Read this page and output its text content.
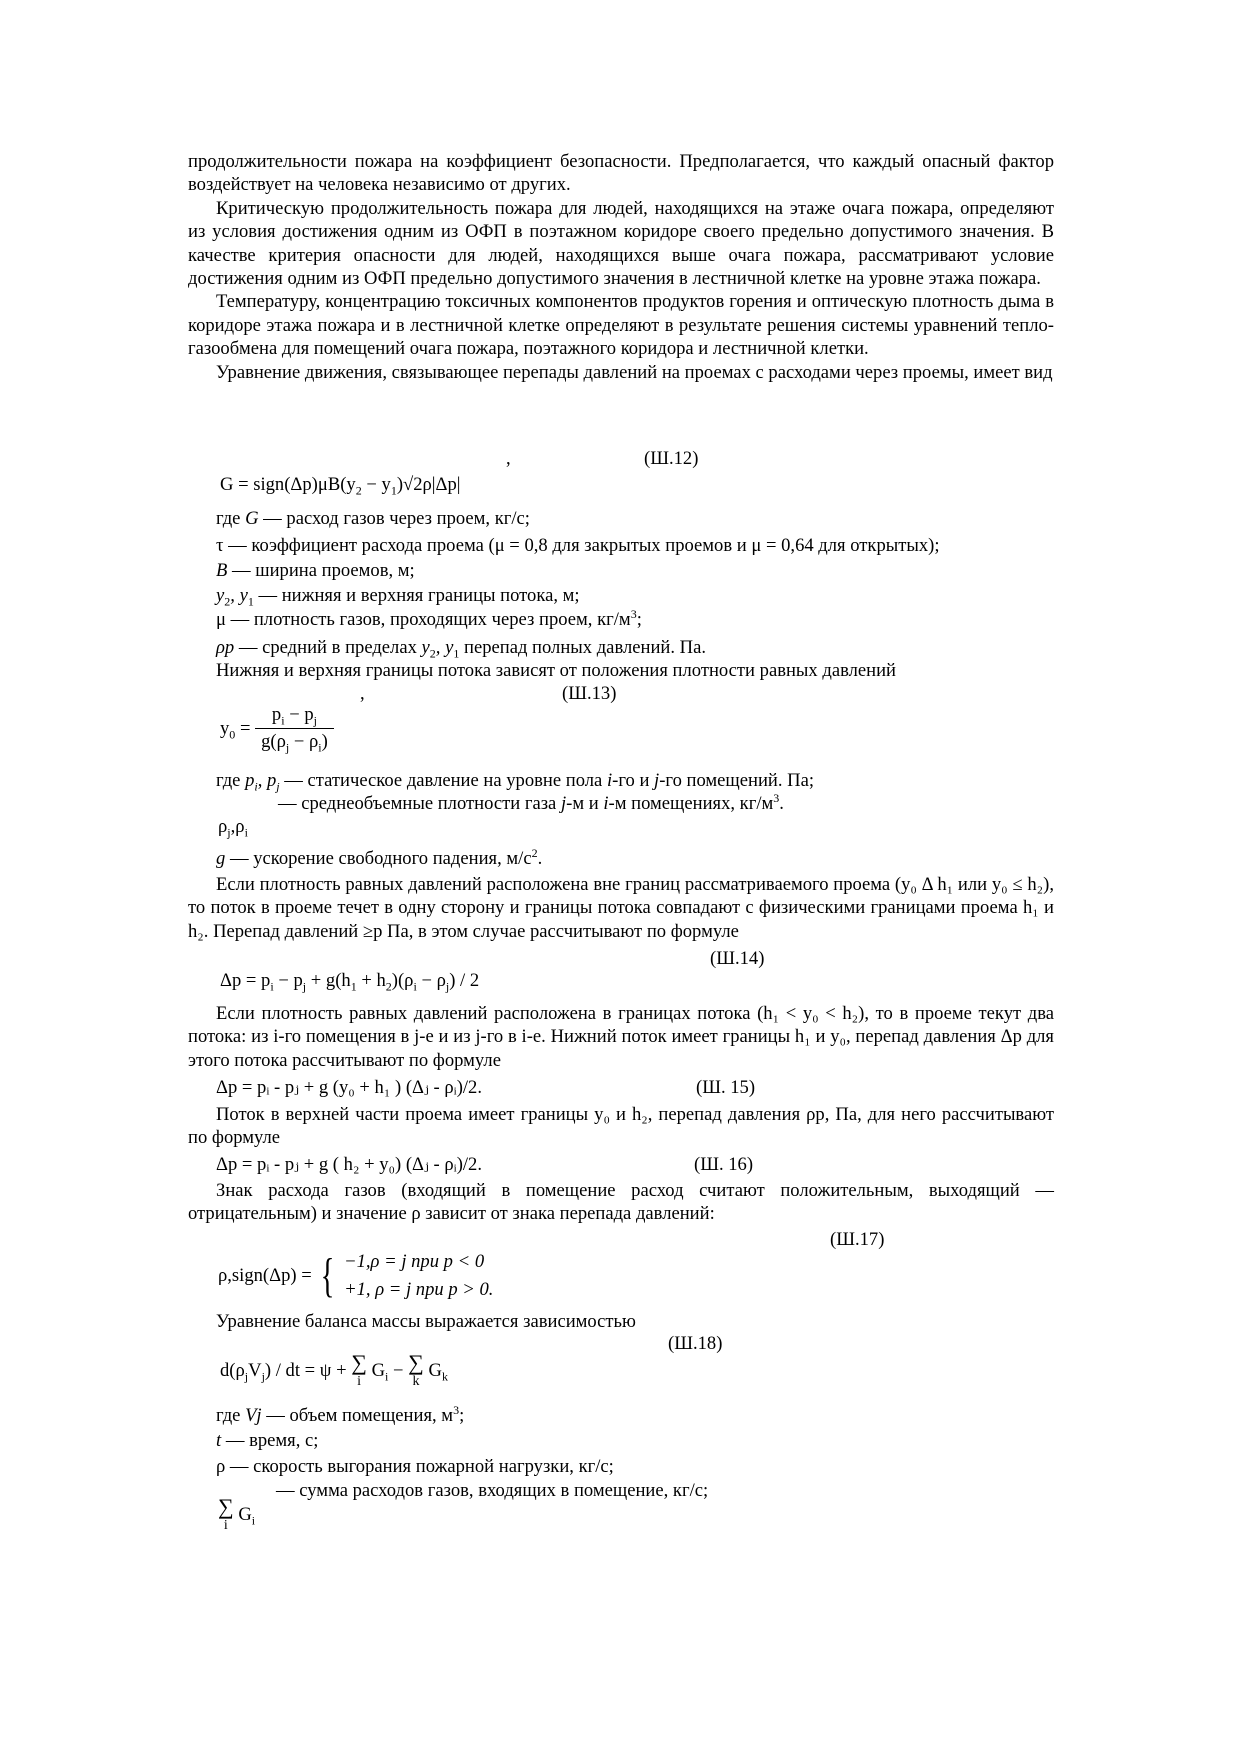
продолжительности пожара на коэффициент безопасности. Предполагается, что каждый опасный фактор воздействует на человека независимо от других.

Критическую продолжительность пожара для людей, находящихся на этаже очага пожара, определяют из условия достижения одним из ОФП в поэтажном коридоре своего предельно допустимого значения. В качестве критерия опасности для людей, находящихся выше очага пожара, рассматривают условие достижения одним из ОФП предельно допустимого значения в лестничной клетке на уровне этажа пожара.

Температуру, концентрацию токсичных компонентов продуктов горения и оптическую плотность дыма в коридоре этажа пожара и в лестничной клетке определяют в результате решения системы уравнений тепло-газообмена для помещений очага пожара, поэтажного коридора и лестничной клетки.

Уравнение движения, связывающее перепады давлений на проемах с расходами через проемы, имеет вид

,	(Ш.12)
$G = sign(\Delta p)\mu B(y_2 - y_1)√2\rho|\Delta p|$
где G — расход газов через проем, кг/с;
τ — коэффициент расхода проема (μ = 0,8 для закрытых проемов и μ = 0,64 для открытых);
B — ширина проемов, м;
$y_2$, $y_1$ — нижняя и верхняя границы потока, м;
μ — плотность газов, проходящих через проем, $кг/м^3$;
ρp — средний в пределах $y_2$, $y_1$ перепад полных давлений. Па.
Нижняя и верхняя границы потока зависят от положения плотности равных давлений
,	(Ш.13)
$y_0 = \frac{p_i - p_j}{g(\rho_j - \rho_i)}$
где $p_i$, $p_j$ — статическое давление на уровне пола i-го и j-го помещений. Па;
— среднеобъемные плотности газа j-м и i-м помещениях, $кг/м^3$.
$\rho_j,\rho_i$
g — ускорение свободного падения, $м/с^2$.

Если плотность равных давлений расположена вне границ рассматриваемого проема (y₀ Δ h₁ или y₀ ≤ h₂), то поток в проеме течет в одну сторону и границы потока совпадают с физическими границами проема h₁ и h₂. Перепад давлений ≥p Па, в этом случае рассчитывают по формуле

(Ш.14)
$\Delta p = p_i - p_j + g(h_1 + h_2)(\rho_i - \rho_j) / 2$

Если плотность равных давлений расположена в границах потока (h₁ < y₀ < h₂), то в проеме текут два потока: из i-го помещения в j-е и из j-го в i-е. Нижний поток имеет границы h₁ и y₀, перепад давления Δp для этого потока рассчитывают по формуле

Δp = pᵢ - pⱼ + g (y₀ + h₁ ) (Δⱼ - ρᵢ)/2.	(Ш. 15)

Поток в верхней части проема имеет границы y₀ и h₂, перепад давления ρp, Па, для него рассчитывают по формуле

Δp = pᵢ - pⱼ + g ( h₂ + y₀) (Δⱼ - ρᵢ)/2.	(Ш. 16)

Знак расхода газов (входящий в помещение расход считают положительным, выходящий — отрицательным) и значение ρ зависит от знака перепада давлений:

(Ш.17)
ρ,sign(Δp) = { −1,ρ = j при p < 0
+1, ρ = j при p > 0.
Уравнение баланса массы выражается зависимостью
(Ш.18)
$d(\rho_jV_j)$ / dt = ψ + ∑
i
$G_i$ − ∑
k
$G_k$
где Vj — объем помещения, $м^3$;
t — время, с;
ρ — скорость выгорания пожарной нагрузки, кг/с;
— сумма расходов газов, входящих в помещение, кг/с;
∑
i
$G_i$
